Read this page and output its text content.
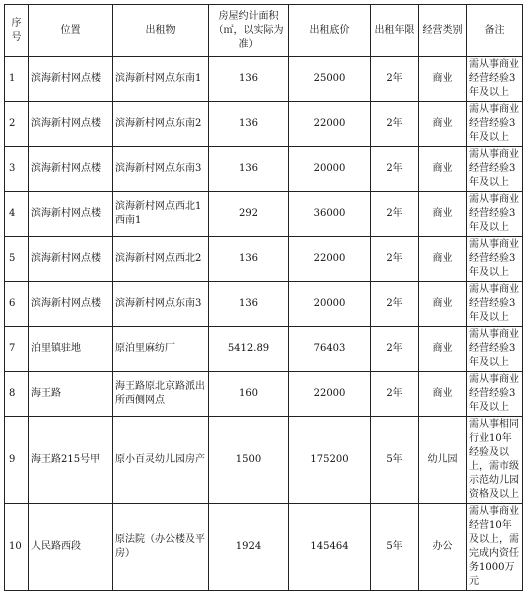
序号	位置	出租物	房屋约计面积（㎡，以实际为准）	出租底价	出租年限	经营类别	备注
1	滨海新村网点楼	滨海新村网点东南1	136	25000	2年	商业	需从事商业经营经验3年及以上
2	滨海新村网点楼	滨海新村网点东南2	136	22000	2年	商业	需从事商业经营经验3年及以上
3	滨海新村网点楼	滨海新村网点东南3	136	20000	2年	商业	需从事商业经营经验3年及以上
4	滨海新村网点楼	滨海新村网点西北1西南1	292	36000	2年	商业	需从事商业经营经验3年及以上
5	滨海新村网点楼	滨海新村网点西北2	136	22000	2年	商业	需从事商业经营经验3年及以上
6	滨海新村网点楼	滨海新村网点东南3	136	20000	2年	商业	需从事商业经营经验3年及以上
7	泊里镇驻地	原泊里麻纺厂	5412.89	76403	2年	商业	需从事商业经营经验3年及以上
8	海王路	海王路原北京路派出所西侧网点	160	22000	2年	商业	需从事商业经营经验3年及以上
9	海王路215号甲	原小百灵幼儿园房产	1500	175200	5年	幼儿园	需从事相同行业10年经验及以上，需市级示范幼儿园资格及以上
10	人民路西段	原法院（办公楼及平房）	1924	145464	5年	办公	需从事商业经营10年及以上，需完成内资任务1000万元
